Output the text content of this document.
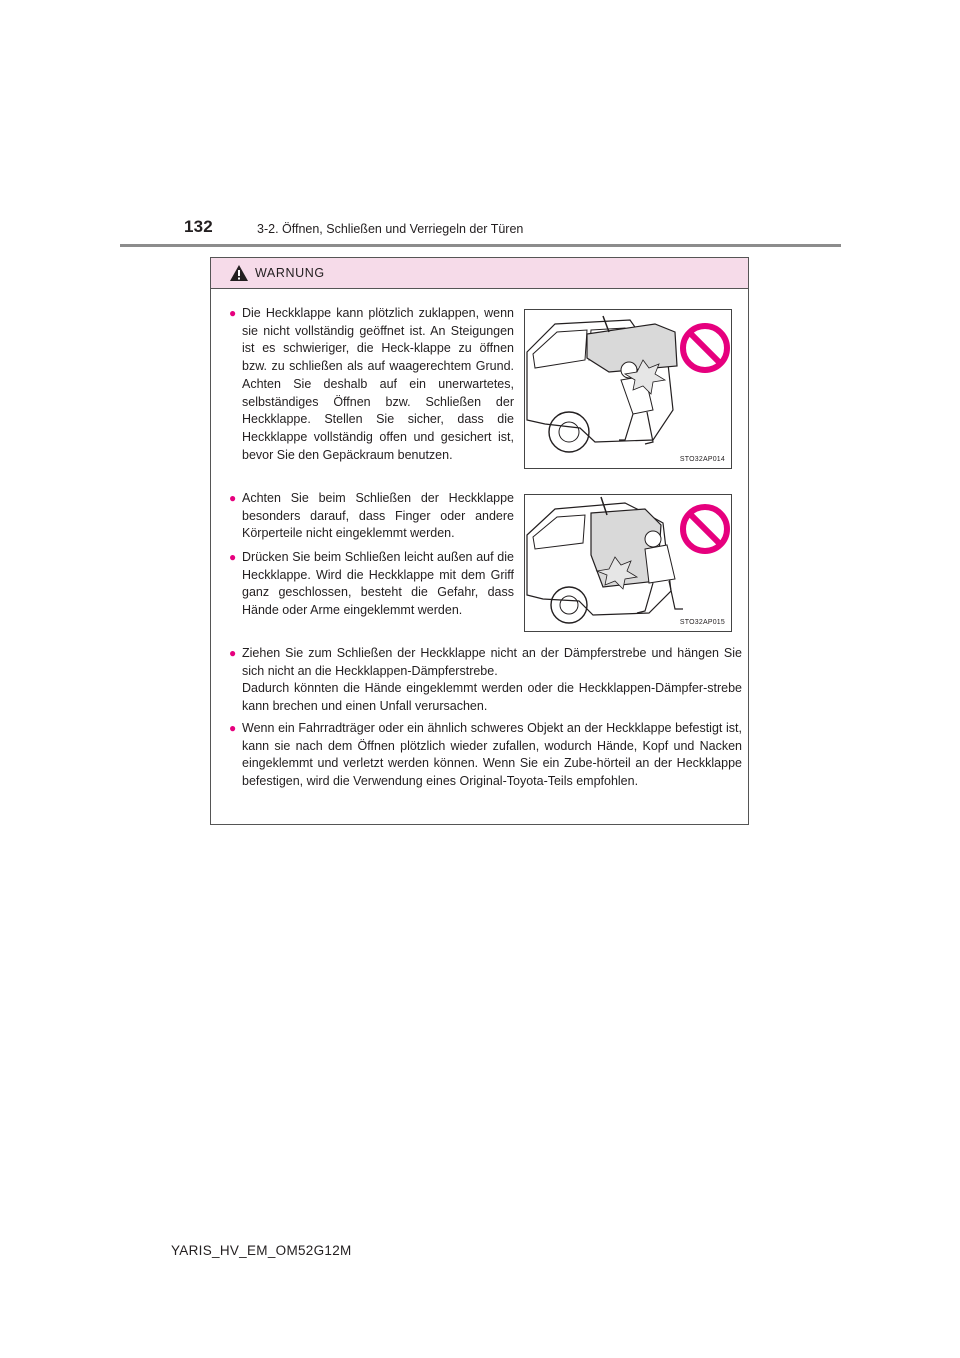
132	3-2. Öffnen, Schließen und Verriegeln der Türen
WARNUNG
● Die Heckklappe kann plötzlich zuklappen, wenn sie nicht vollständig geöffnet ist. An Steigungen ist es schwieriger, die Heck-klappe zu öffnen bzw. zu schließen als auf waagerechtem Grund. Achten Sie deshalb auf ein unerwartetes, selbständiges Öffnen bzw. Schließen der Heckklappe. Stellen Sie sicher, dass die Heckklappe vollständig offen und gesichert ist, bevor Sie den Gepäckraum benutzen.	STO32AP014
● Achten Sie beim Schließen der Heckklappe besonders darauf, dass Finger oder andere Körperteile nicht eingeklemmt werden.

● Drücken Sie beim Schließen leicht außen auf die Heckklappe. Wird die Heckklappe mit dem Griff ganz geschlossen, besteht die Gefahr, dass Hände oder Arme eingeklemmt werden.

STO32AP015
● Ziehen Sie zum Schließen der Heckklappe nicht an der Dämpferstrebe und hängen Sie sich nicht an die Heckklappen-Dämpferstrebe.

Dadurch könnten die Hände eingeklemmt werden oder die Heckklappen-Dämpfer-strebe kann brechen und einen Unfall verursachen.

● Wenn ein Fahrradträger oder ein ähnlich schweres Objekt an der Heckklappe befestigt ist, kann sie nach dem Öffnen plötzlich wieder zufallen, wodurch Hände, Kopf und Nacken eingeklemmt und verletzt werden können. Wenn Sie ein Zube-hörteil an der Heckklappe befestigen, wird die Verwendung eines Original-Toyota-Teils empfohlen.

YARIS_HV_EM_OM52G12M
